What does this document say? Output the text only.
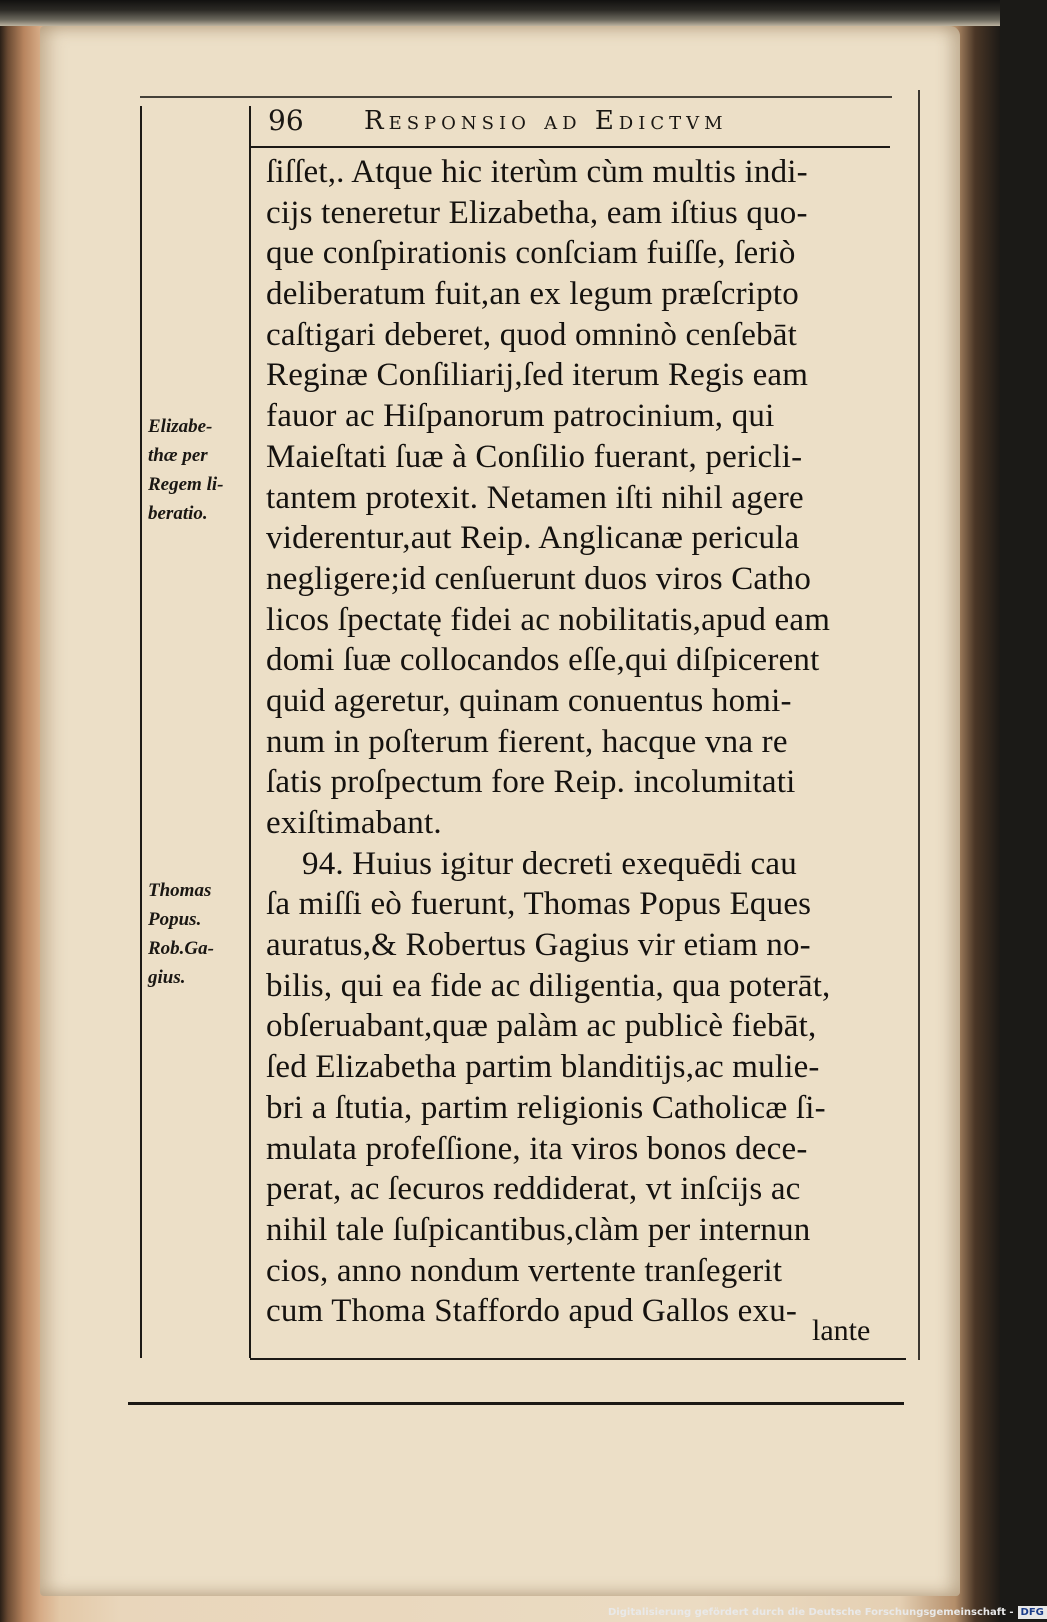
96 Responsio ad Edictvm
Elizabe-
thæ per
Regem li-
beratio.
Thomas
Popus.
Rob.Ga-
gius.
ſiſſet,. Atque hic iterùm cùm multis indi-
cijs teneretur Elizabetha, eam iſtius quo-
que conſpirationis conſciam fuiſſe, ſeriò
deliberatum fuit,an ex legum præſcripto
caſtigari deberet, quod omninò cenſebāt
Reginæ Conſiliarij,ſed iterum Regis eam
fauor ac Hiſpanorum patrocinium, qui
Maieſtati ſuæ à Conſilio fuerant, pericli-
tantem protexit. Netamen iſti nihil agere
viderentur,aut Reip. Anglicanæ pericula
negligere;id cenſuerunt duos viros Catho
licos ſpectatę fidei ac nobilitatis,apud eam
domi ſuæ collocandos eſſe,qui diſpicerent
quid ageretur, quinam conuentus homi-
num in poſterum fierent, hacque vna re
ſatis proſpectum fore Reip. incolumitati
exiſtimabant.
94. Huius igitur decreti exequēdi cau
ſa miſſi eò fuerunt, Thomas Popus Eques
auratus,& Robertus Gagius vir etiam no-
bilis, qui ea fide ac diligentia, qua poterāt,
obſeruabant,quæ palàm ac publicè fiebāt,
ſed Elizabetha partim blanditijs,ac mulie-
bri a ſtutia, partim religionis Catholicæ ſi-
mulata profeſſione, ita viros bonos dece-
perat, ac ſecuros reddiderat, vt inſcijs ac
nihil tale ſuſpicantibus,clàm per internun
cios, anno nondum vertente tranſegerit
cum Thoma Staffordo apud Gallos exu-
lante
Digitalisierung gefördert durch die Deutsche Forschungsgemeinschaft - DFG
